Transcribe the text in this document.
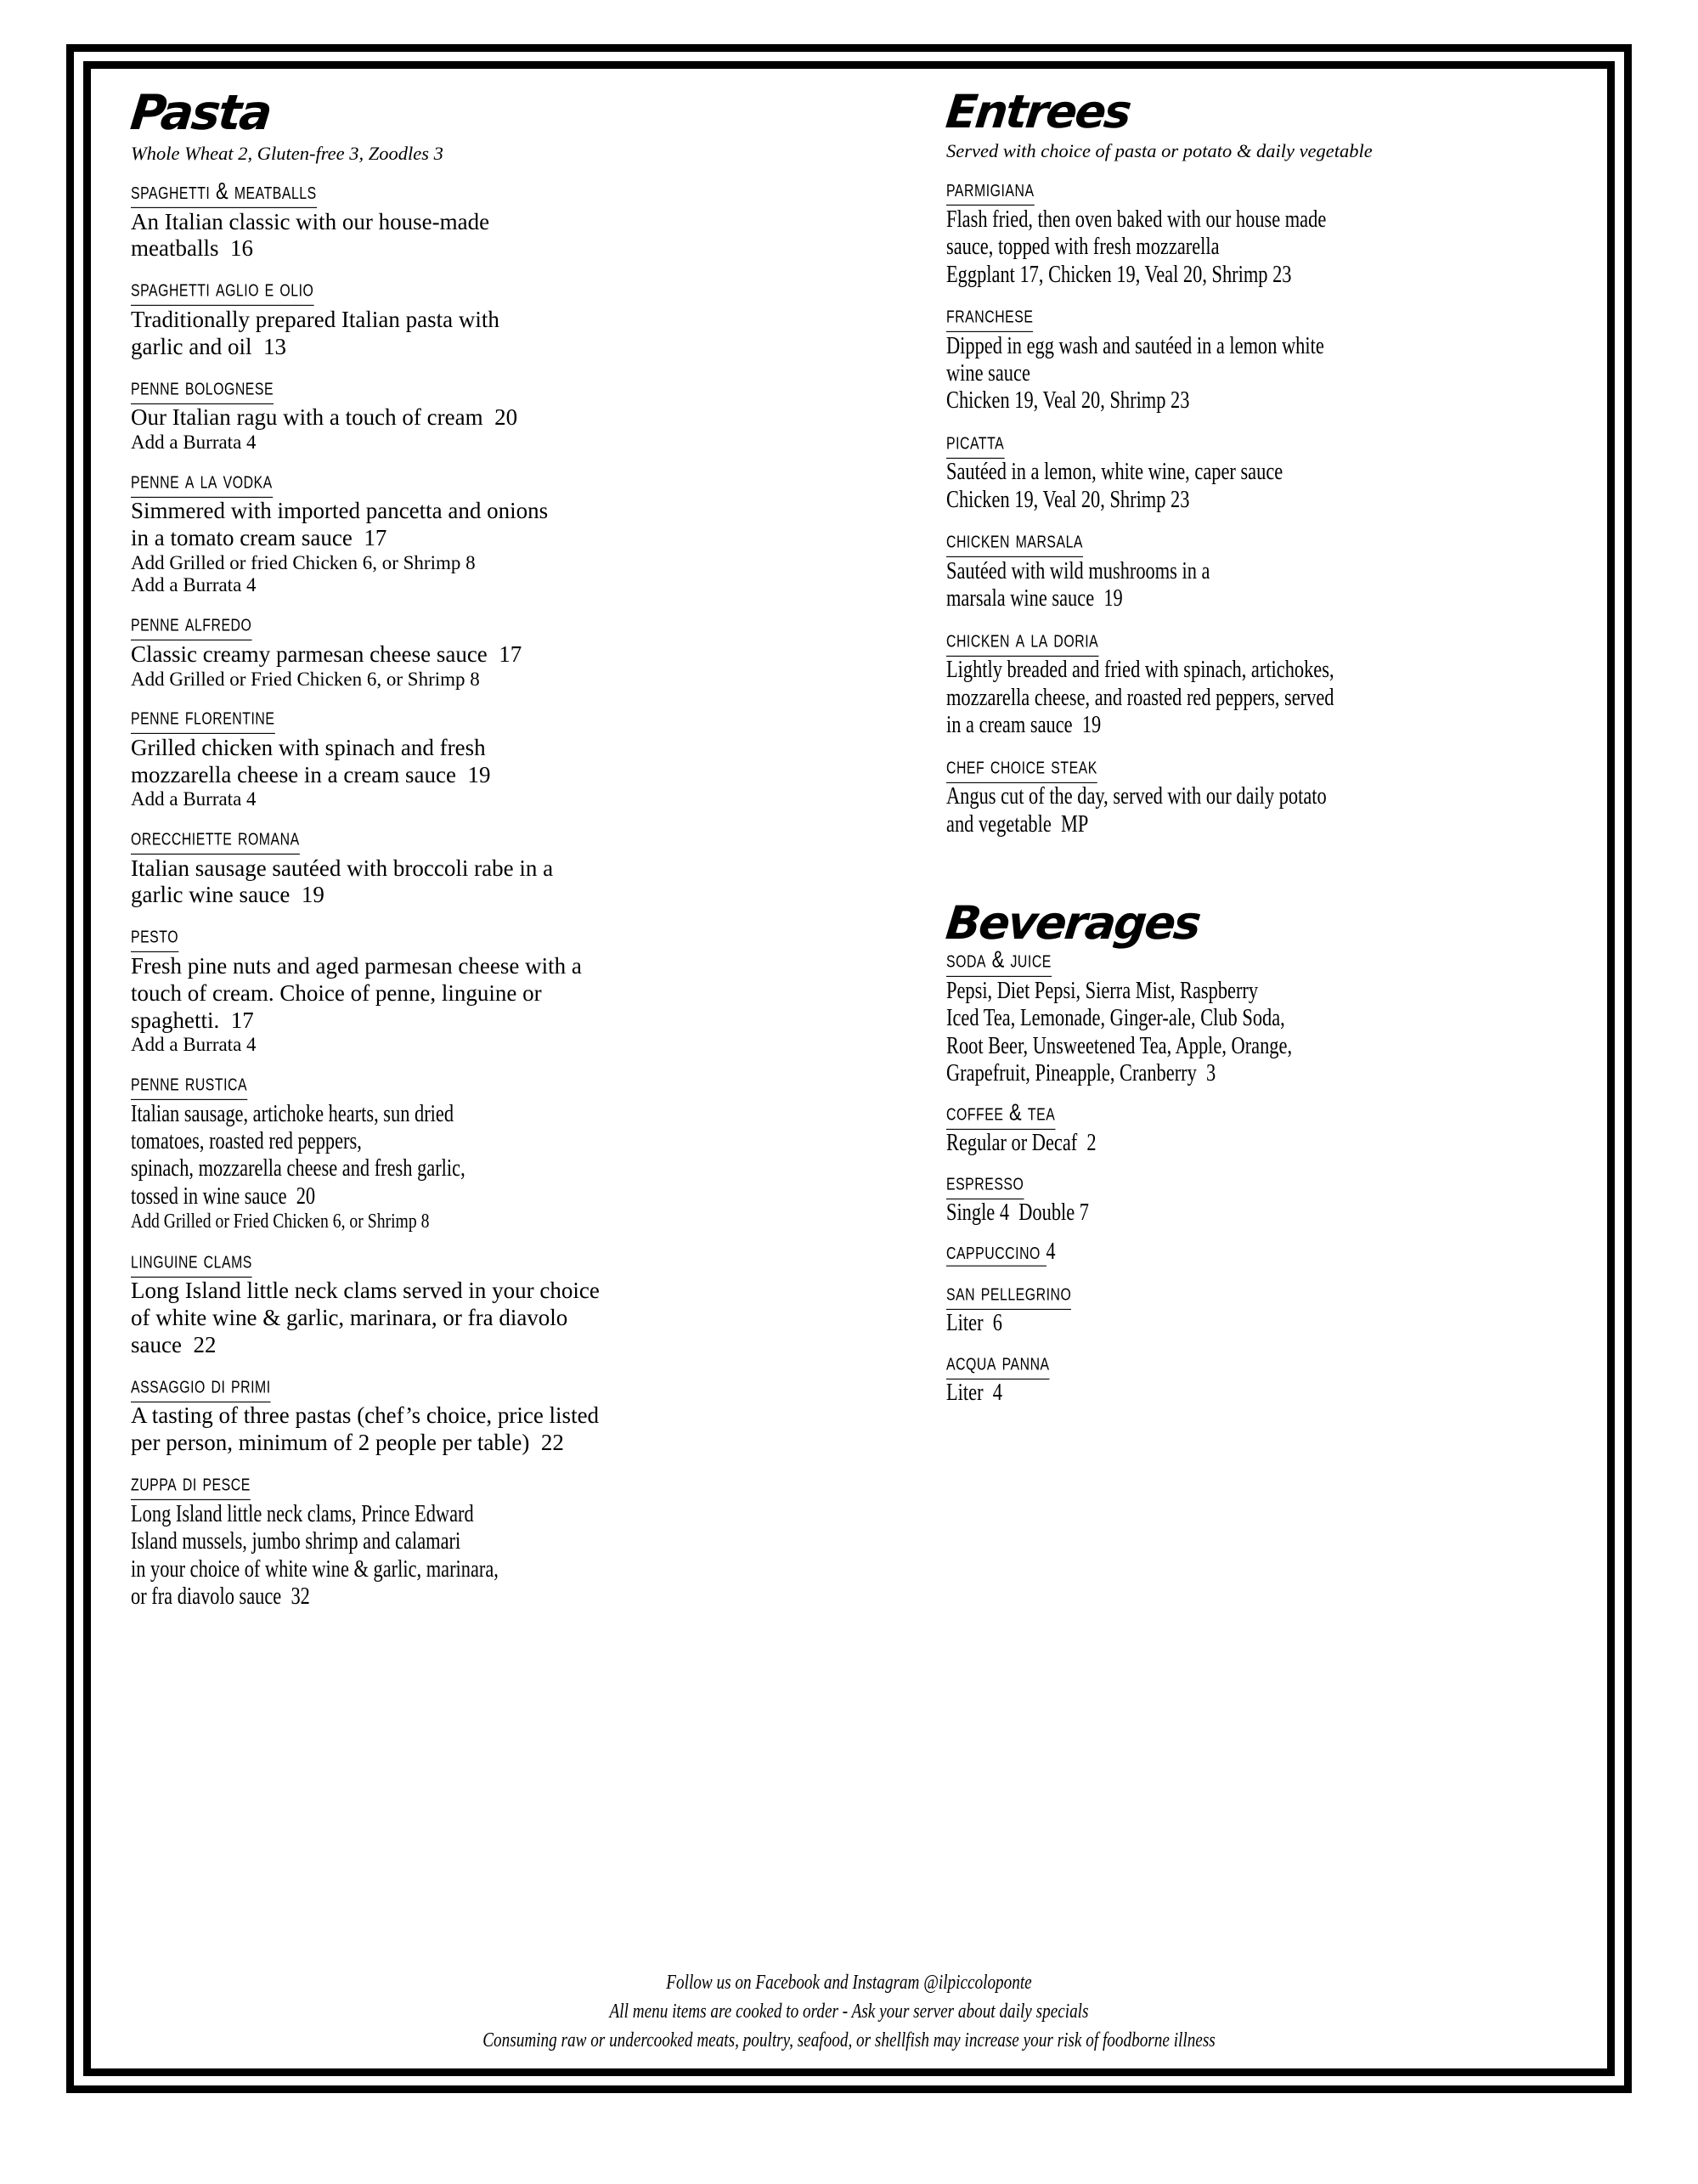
Pasta
Whole Wheat 2, Gluten-free 3, Zoodles 3
spaghetti & meatballs
An Italian classic with our house-made
meatballs  16
spaghetti aglio e olio
Traditionally prepared Italian pasta with
garlic and oil  13
penne bolognese
Our Italian ragu with a touch of cream  20
Add a Burrata 4
penne a la vodka
Simmered with imported pancetta and onions
in a tomato cream sauce  17
Add Grilled or fried Chicken 6, or Shrimp 8
Add a Burrata 4
penne alfredo
Classic creamy parmesan cheese sauce  17
Add Grilled or Fried Chicken 6, or Shrimp 8
penne florentine
Grilled chicken with spinach and fresh
mozzarella cheese in a cream sauce  19
Add a Burrata 4
orecchiette romana
Italian sausage sautéed with broccoli rabe in a
garlic wine sauce  19
pesto
Fresh pine nuts and aged parmesan cheese with a
touch of cream. Choice of penne, linguine or
spaghetti.  17
Add a Burrata 4
penne rustica
Italian sausage, artichoke hearts, sun dried
tomatoes, roasted red peppers,
spinach, mozzarella cheese and fresh garlic,
tossed in wine sauce  20
Add Grilled or Fried Chicken 6, or Shrimp 8
linguine clams
Long Island little neck clams served in your choice
of white wine & garlic, marinara, or fra diavolo
sauce  22
assaggio di primi
A tasting of three pastas (chef’s choice, price listed
per person, minimum of 2 people per table)  22
zuppa di pesce
Long Island little neck clams, Prince Edward
Island mussels, jumbo shrimp and calamari
in your choice of white wine & garlic, marinara,
or fra diavolo sauce  32
Entrees
Served with choice of pasta or potato & daily vegetable
parmigiana
Flash fried, then oven baked with our house made
sauce, topped with fresh mozzarella
Eggplant 17, Chicken 19, Veal 20, Shrimp 23
franchese
Dipped in egg wash and sautéed in a lemon white
wine sauce
Chicken 19, Veal 20, Shrimp 23
picatta
Sautéed in a lemon, white wine, caper sauce
Chicken 19, Veal 20, Shrimp 23
chicken marsala
Sautéed with wild mushrooms in a
marsala wine sauce  19
chicken a la doria
Lightly breaded and fried with spinach, artichokes,
mozzarella cheese, and roasted red peppers, served
in a cream sauce  19
chef choice steak
Angus cut of the day, served with our daily potato
and vegetable  MP
Beverages
soda & juice
Pepsi, Diet Pepsi, Sierra Mist, Raspberry
Iced Tea, Lemonade, Ginger-ale, Club Soda,
Root Beer, Unsweetened Tea, Apple, Orange,
Grapefruit, Pineapple, Cranberry  3
coffee & tea
Regular or Decaf  2
espresso
Single 4  Double 7
cappuccino 4
san pellegrino
Liter  6
acqua panna
Liter  4
Follow us on Facebook and Instagram @ilpiccoloponte
All menu items are cooked to order - Ask your server about daily specials
Consuming raw or undercooked meats, poultry, seafood, or shellfish may increase your risk of foodborne illness
